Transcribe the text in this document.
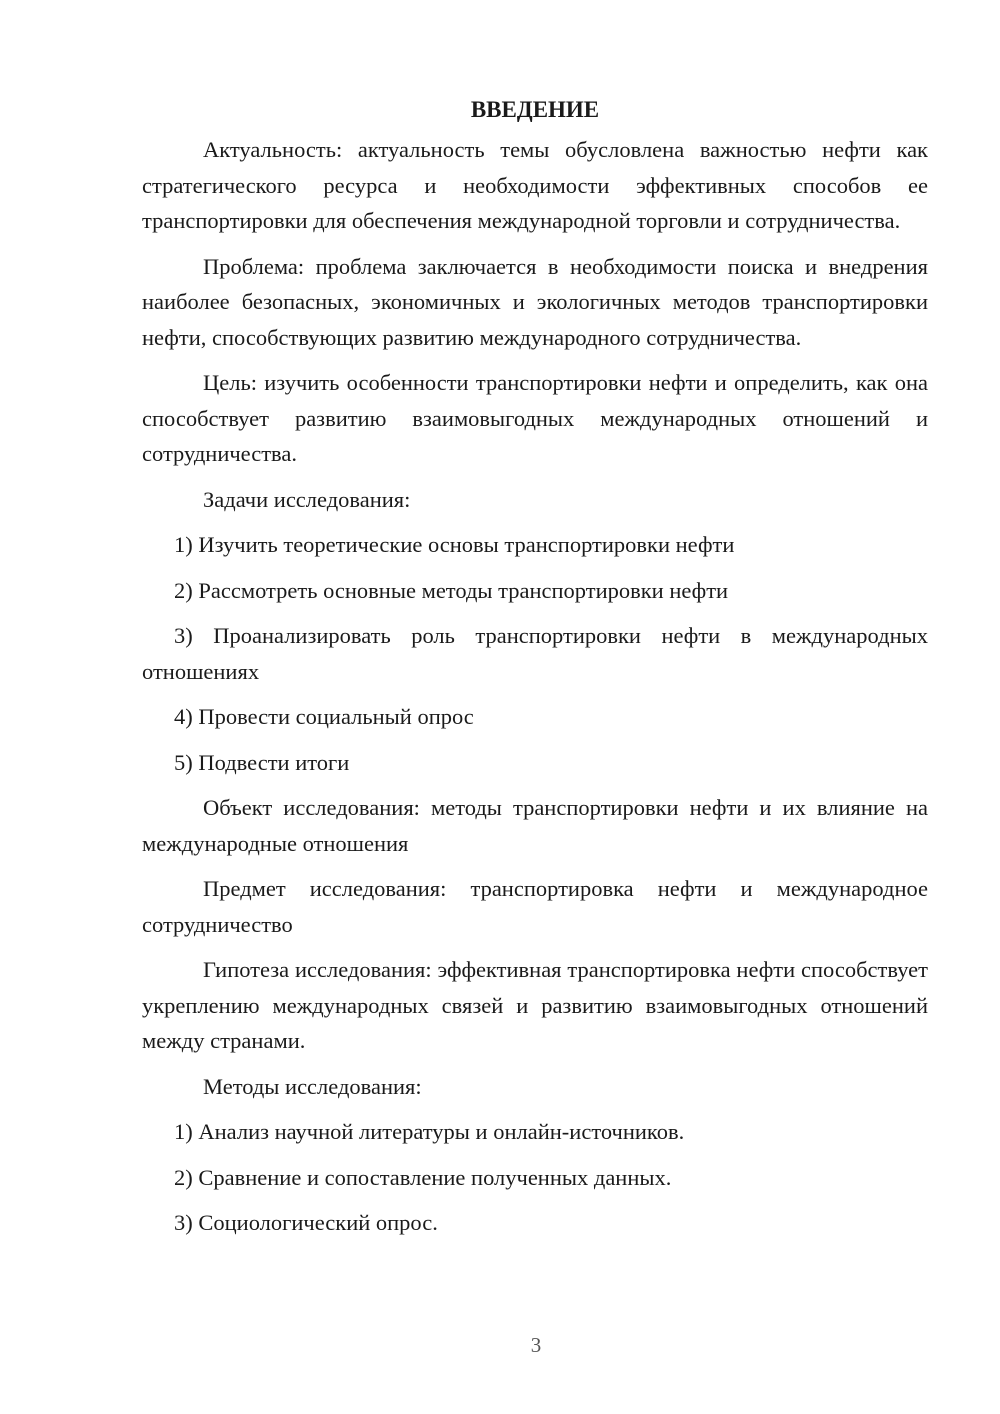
ВВЕДЕНИЕ

Актуальность: актуальность темы обусловлена важностью нефти как стратегического ресурса и необходимости эффективных способов ее транспортировки для обеспечения международной торговли и сотрудничества.

Проблема: проблема заключается в необходимости поиска и внедрения наиболее безопасных, экономичных и экологичных методов транспортировки нефти, способствующих развитию международного сотрудничества.

Цель: изучить особенности транспортировки нефти и определить, как она способствует развитию взаимовыгодных международных отношений и сотрудничества.

Задачи исследования:

1) Изучить теоретические основы транспортировки нефти

2) Рассмотреть основные методы транспортировки нефти

3) Проанализировать роль транспортировки нефти в международных отношениях

4) Провести социальный опрос

5) Подвести итоги

Объект исследования: методы транспортировки нефти и их влияние на международные отношения

Предмет исследования: транспортировка нефти и международное сотрудничество

Гипотеза исследования: эффективная транспортировка нефти способствует укреплению международных связей и развитию взаимовыгодных отношений между странами.

Методы исследования:

1) Анализ научной литературы и онлайн-источников.

2) Сравнение и сопоставление полученных данных.

3) Социологический опрос.

3
